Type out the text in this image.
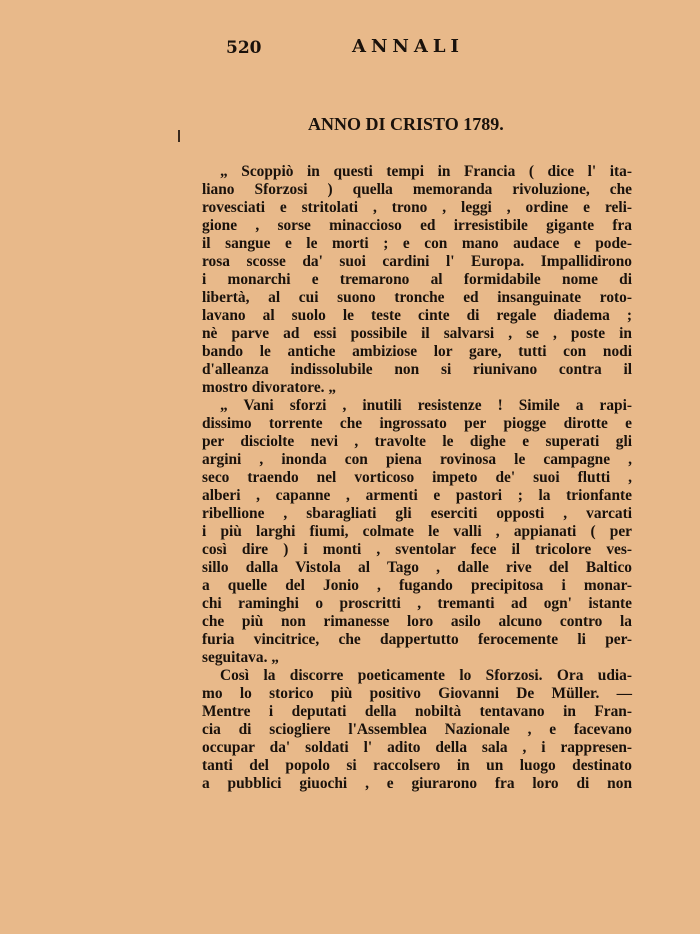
520	ANNALI
ANNO DI CRISTO 1789.
„ Scoppiò in questi tempi in Francia ( dice l' ita-
liano Sforzosi ) quella memoranda rivoluzione, che
rovesciati e stritolati , trono , leggi , ordine e reli-
gione , sorse minaccioso ed irresistibile gigante fra
il sangue e le morti ; e con mano audace e pode-
rosa scosse da' suoi cardini l' Europa. Impallidirono
i monarchi e tremarono al formidabile nome di
libertà, al cui suono tronche ed insanguinate roto-
lavano al suolo le teste cinte di regale diadema ;
nè parve ad essi possibile il salvarsi , se , poste in
bando le antiche ambiziose lor gare, tutti con nodi
d'alleanza indissolubile non si riunivano contra il
mostro divoratore. „
„ Vani sforzi , inutili resistenze ! Simile a rapi-
dissimo torrente che ingrossato per piogge dirotte e
per disciolte nevi , travolte le dighe e superati gli
argini , inonda con piena rovinosa le campagne ,
seco traendo nel vorticoso impeto de' suoi flutti ,
alberi , capanne , armenti e pastori ; la trionfante
ribellione , sbaragliati gli eserciti opposti , varcati
i più larghi fiumi, colmate le valli , appianati ( per
così dire ) i monti , sventolar fece il tricolore ves-
sillo dalla Vistola al Tago , dalle rive del Baltico
a quelle del Jonio , fugando precipitosa i monar-
chi raminghi o proscritti , tremanti ad ogn' istante
che più non rimanesse loro asilo alcuno contro la
furia vincitrice, che dappertutto ferocemente li per-
seguitava. „
Così la discorre poeticamente lo Sforzosi. Ora udia-
mo lo storico più positivo Giovanni De Müller. —
Mentre i deputati della nobiltà tentavano in Fran-
cia di sciogliere l'Assemblea Nazionale , e facevano
occupar da' soldati l' adito della sala , i rappresen-
tanti del popolo si raccolsero in un luogo destinato
a pubblici giuochi , e giurarono fra loro di non
